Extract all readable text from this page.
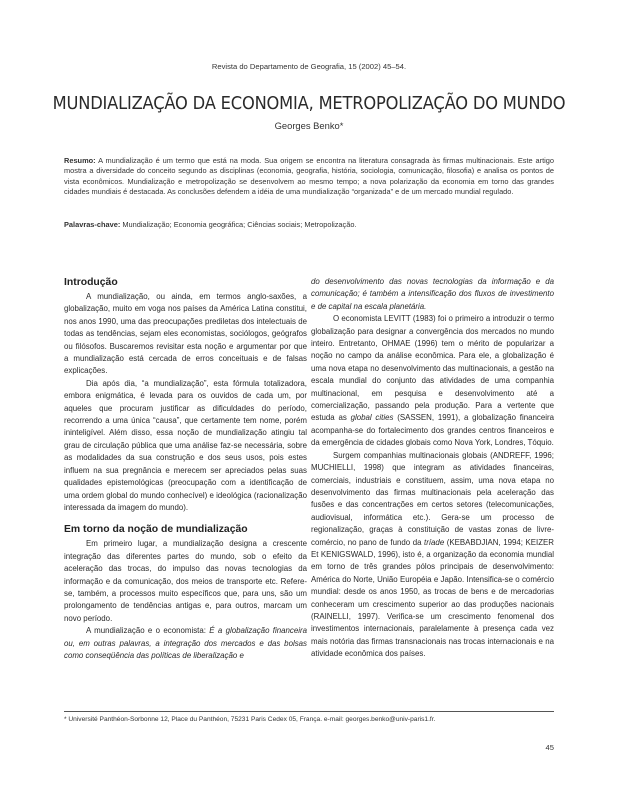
Revista do Departamento de Geografia, 15 (2002) 45–54.
MUNDIALIZAÇÃO DA ECONOMIA, METROPOLIZAÇÃO DO MUNDO
Georges Benko*
Resumo: A mundialização é um termo que está na moda. Sua origem se encontra na literatura consagrada às firmas multinacionais. Este artigo mostra a diversidade do conceito segundo as disciplinas (economia, geografia, história, sociologia, comunicação, filosofia) e analisa os pontos de vista econômicos. Mundialização e metropolização se desenvolvem ao mesmo tempo; a nova polarização da economia em torno das grandes cidades mundiais é destacada. As conclusões defendem a idéia de uma mundialização “organizada” e de um mercado mundial regulado.
Palavras-chave: Mundialização; Economia geográfica; Ciências sociais; Metropolização.
Introdução

A mundialização, ou ainda, em termos anglo-saxões, a globalização, muito em voga nos países da América Latina constitui, nos anos 1990, uma das preocupações prediletas dos intelectuais de todas as tendências, sejam eles economistas, sociólogos, geógrafos ou filósofos. Buscaremos revisitar esta noção e argumentar por que a mundialização está cercada de erros conceituais e de falsas explicações.

Dia após dia, “a mundialização”, esta fórmula totalizadora, embora enigmática, é levada para os ouvidos de cada um, por aqueles que procuram justificar as dificuldades do período, recorrendo a uma única “causa”, que certamente tem nome, porém ininteligível. Além disso, essa noção de mundialização atingiu tal grau de circulação pública que uma análise faz-se necessária, sobre as modalidades da sua construção e dos seus usos, pois estes influem na sua pregnância e merecem ser apreciados pelas suas qualidades epistemológicas (preocupação com a identificação de uma ordem global do mundo conhecível) e ideológica (racionalização interessada da imagem do mundo).

Em torno da noção de mundialização

Em primeiro lugar, a mundialização designa a crescente integração das diferentes partes do mundo, sob o efeito da aceleração das trocas, do impulso das novas tecnologias da informação e da comunicação, dos meios de transporte etc. Refere-se, também, a processos muito específicos que, para uns, são um prolongamento de tendências antigas e, para outros, marcam um novo período.

A mundialização e o economista: É a globalização financeira ou, em outras palavras, a integração dos mercados e das bolsas como conseqüência das políticas de liberalização e

do desenvolvimento das novas tecnologias da informação e da comunicação; é também a intensificação dos fluxos de investimento e de capital na escala planetária.

O economista LEVITT (1983) foi o primeiro a introduzir o termo globalização para designar a convergência dos mercados no mundo inteiro. Entretanto, OHMAE (1996) tem o mérito de popularizar a noção no campo da análise econômica. Para ele, a globalização é uma nova etapa no desenvolvimento das multinacionais, a gestão na escala mundial do conjunto das atividades de uma companhia multinacional, em pesquisa e desenvolvimento até a comercialização, passando pela produção. Para a vertente que estuda as global cities (SASSEN, 1991), a globalização financeira acompanha-se do fortalecimento dos grandes centros financeiros e da emergência de cidades globais como Nova York, Londres, Tóquio.

Surgem companhias multinacionais globais (ANDREFF, 1996; MUCHIELLI, 1998) que integram as atividades financeiras, comerciais, industriais e constituem, assim, uma nova etapa no desenvolvimento das firmas multinacionais pela aceleração das fusões e das concentrações em certos setores (telecomunicações, audiovisual, informática etc.). Gera-se um processo de regionalização, graças à constituição de vastas zonas de livre-comércio, no pano de fundo da tríade (KEBABDJIAN, 1994; KEIZER Et KENIGSWALD, 1996), isto é, a organização da economia mundial em torno de três grandes pólos principais de desenvolvimento: América do Norte, União Européia e Japão. Intensifica-se o comércio mundial: desde os anos 1950, as trocas de bens e de mercadorias conheceram um crescimento superior ao das produções nacionais (RAINELLI, 1997). Verifica-se um crescimento fenomenal dos investimentos internacionais, paralelamente à presença cada vez mais notória das firmas transnacionais nas trocas internacionais e na atividade econômica dos países.

* Université Panthéon-Sorbonne 12, Place du Panthéon, 75231 Paris Cedex 05, França. e-mail: georges.benko@univ-paris1.fr.
45
